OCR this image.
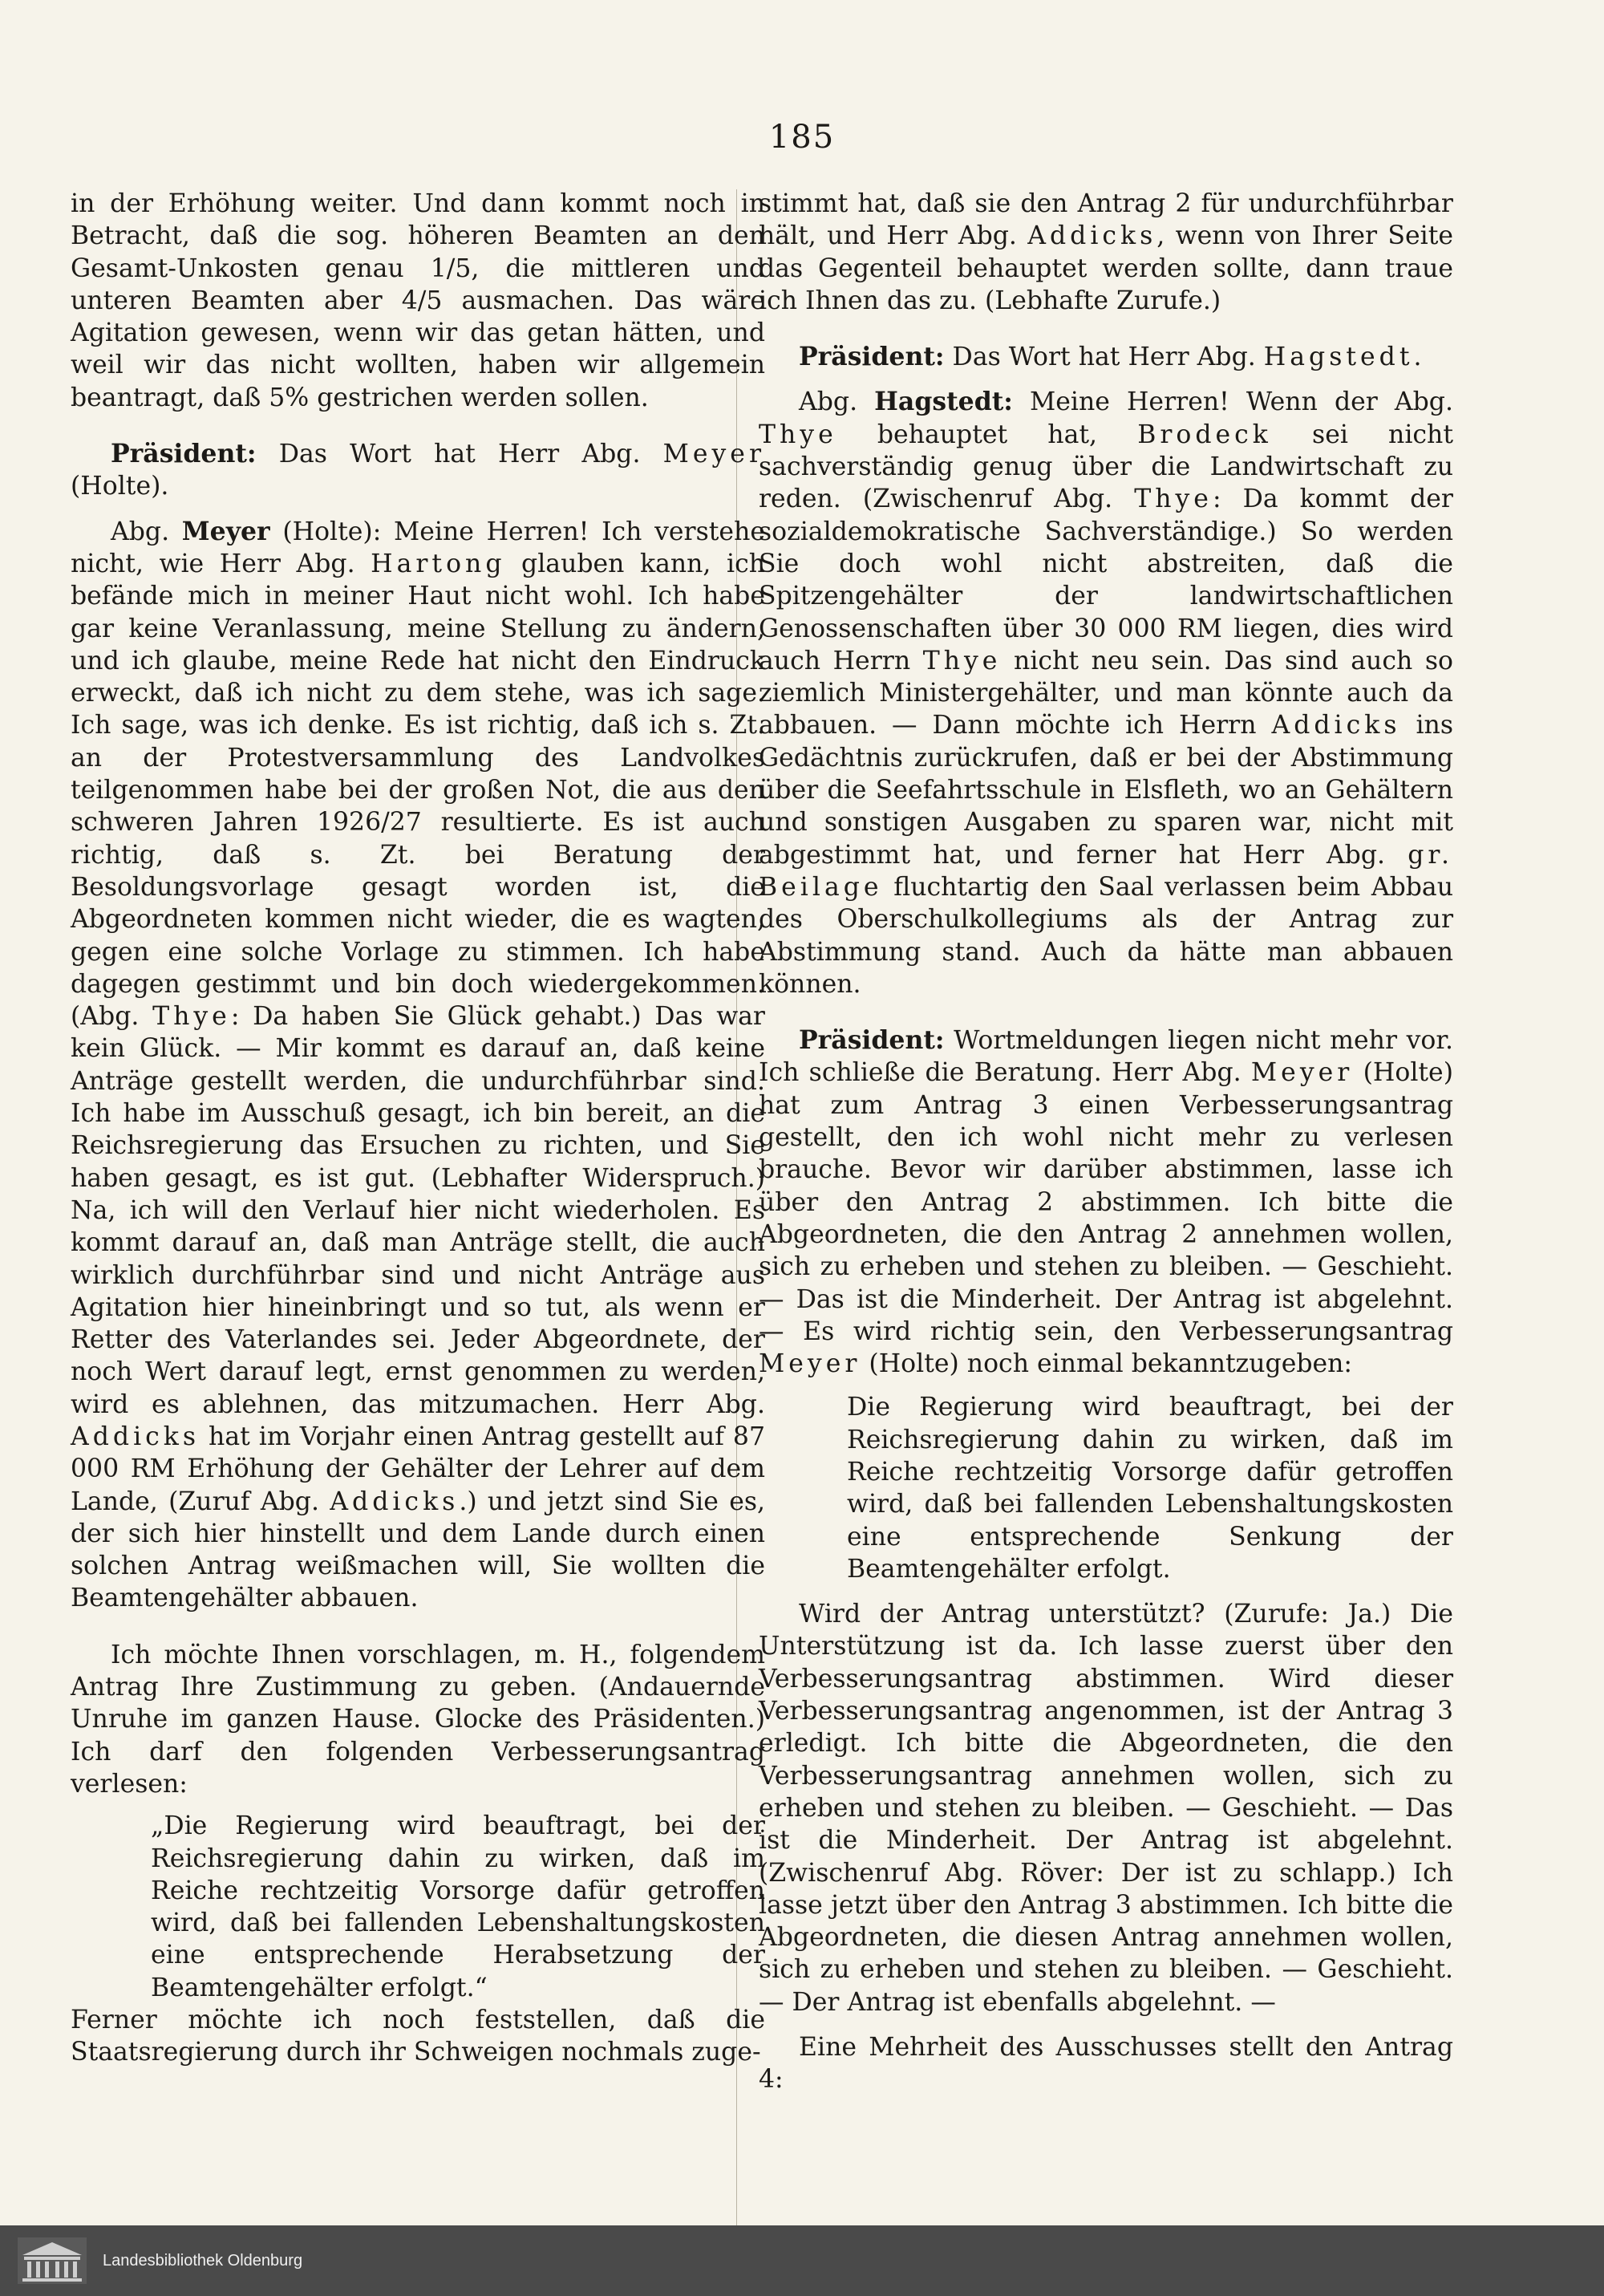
185

in der Erhöhung weiter. Und dann kommt noch in Betracht, daß die sog. höheren Beamten an den Gesamt-Unkosten genau 1/5, die mittleren und unteren Beamten aber 4/5 ausmachen. Das wäre Agitation gewesen, wenn wir das getan hätten, und weil wir das nicht wollten, haben wir allgemein beantragt, daß 5% gestrichen werden sollen.

Präsident: Das Wort hat Herr Abg. Meyer (Holte).

Abg. Meyer (Holte): Meine Herren! Ich verstehe nicht, wie Herr Abg. Hartong glauben kann, ich befände mich in meiner Haut nicht wohl. Ich habe gar keine Veranlassung, meine Stellung zu ändern, und ich glaube, meine Rede hat nicht den Eindruck erweckt, daß ich nicht zu dem stehe, was ich sage. Ich sage, was ich denke. Es ist richtig, daß ich s. Zt. an der Protestversammlung des Landvolkes teilgenommen habe bei der großen Not, die aus den schweren Jahren 1926/27 resultierte. Es ist auch richtig, daß s. Zt. bei Beratung der Besoldungsvorlage gesagt worden ist, die Abgeordneten kommen nicht wieder, die es wagten, gegen eine solche Vorlage zu stimmen. Ich habe dagegen gestimmt und bin doch wiedergekommen. (Abg. Thye: Da haben Sie Glück gehabt.) Das war kein Glück. — Mir kommt es darauf an, daß keine Anträge gestellt werden, die undurchführbar sind. Ich habe im Ausschuß gesagt, ich bin bereit, an die Reichsregierung das Ersuchen zu richten, und Sie haben gesagt, es ist gut. (Lebhafter Widerspruch.) Na, ich will den Verlauf hier nicht wiederholen. Es kommt darauf an, daß man Anträge stellt, die auch wirklich durchführbar sind und nicht Anträge aus Agitation hier hineinbringt und so tut, als wenn er Retter des Vaterlandes sei. Jeder Abgeordnete, der noch Wert darauf legt, ernst genommen zu werden, wird es ablehnen, das mitzumachen. Herr Abg. Addicks hat im Vorjahr einen Antrag gestellt auf 87 000 RM Erhöhung der Gehälter der Lehrer auf dem Lande, (Zuruf Abg. Addicks.) und jetzt sind Sie es, der sich hier hinstellt und dem Lande durch einen solchen Antrag weißmachen will, Sie wollten die Beamtengehälter abbauen.

Ich möchte Ihnen vorschlagen, m. H., folgendem Antrag Ihre Zustimmung zu geben. (Andauernde Unruhe im ganzen Hause. Glocke des Präsidenten.) Ich darf den folgenden Verbesserungsantrag verlesen:

„Die Regierung wird beauftragt, bei der Reichsregierung dahin zu wirken, daß im Reiche rechtzeitig Vorsorge dafür getroffen wird, daß bei fallenden Lebenshaltungskosten eine entsprechende Herabsetzung der Beamtengehälter erfolgt.“

Ferner möchte ich noch feststellen, daß die Staatsregierung durch ihr Schweigen nochmals zuge-

stimmt hat, daß sie den Antrag 2 für undurchführbar hält, und Herr Abg. Addicks, wenn von Ihrer Seite das Gegenteil behauptet werden sollte, dann traue ich Ihnen das zu. (Lebhafte Zurufe.)

Präsident: Das Wort hat Herr Abg. Hagstedt.

Abg. Hagstedt: Meine Herren! Wenn der Abg. Thye behauptet hat, Brodeck sei nicht sachverständig genug über die Landwirtschaft zu reden. (Zwischenruf Abg. Thye: Da kommt der sozialdemokratische Sachverständige.) So werden Sie doch wohl nicht abstreiten, daß die Spitzengehälter der landwirtschaftlichen Genossenschaften über 30 000 RM liegen, dies wird auch Herrn Thye nicht neu sein. Das sind auch so ziemlich Ministergehälter, und man könnte auch da abbauen. — Dann möchte ich Herrn Addicks ins Gedächtnis zurückrufen, daß er bei der Abstimmung über die Seefahrtsschule in Elsfleth, wo an Gehältern und sonstigen Ausgaben zu sparen war, nicht mit abgestimmt hat, und ferner hat Herr Abg. gr. Beilage fluchtartig den Saal verlassen beim Abbau des Oberschulkollegiums als der Antrag zur Abstimmung stand. Auch da hätte man abbauen können.

Präsident: Wortmeldungen liegen nicht mehr vor. Ich schließe die Beratung. Herr Abg. Meyer (Holte) hat zum Antrag 3 einen Verbesserungsantrag gestellt, den ich wohl nicht mehr zu verlesen brauche. Bevor wir darüber abstimmen, lasse ich über den Antrag 2 abstimmen. Ich bitte die Abgeordneten, die den Antrag 2 annehmen wollen, sich zu erheben und stehen zu bleiben. — Geschieht. — Das ist die Minderheit. Der Antrag ist abgelehnt. — Es wird richtig sein, den Verbesserungsantrag Meyer (Holte) noch einmal bekanntzugeben:

Die Regierung wird beauftragt, bei der Reichsregierung dahin zu wirken, daß im Reiche rechtzeitig Vorsorge dafür getroffen wird, daß bei fallenden Lebenshaltungskosten eine entsprechende Senkung der Beamtengehälter erfolgt.

Wird der Antrag unterstützt? (Zurufe: Ja.) Die Unterstützung ist da. Ich lasse zuerst über den Verbesserungsantrag abstimmen. Wird dieser Verbesserungsantrag angenommen, ist der Antrag 3 erledigt. Ich bitte die Abgeordneten, die den Verbesserungsantrag annehmen wollen, sich zu erheben und stehen zu bleiben. — Geschieht. — Das ist die Minderheit. Der Antrag ist abgelehnt. (Zwischenruf Abg. Röver: Der ist zu schlapp.) Ich lasse jetzt über den Antrag 3 abstimmen. Ich bitte die Abgeordneten, die diesen Antrag annehmen wollen, sich zu erheben und stehen zu bleiben. — Geschieht. — Der Antrag ist ebenfalls abgelehnt. —

Eine Mehrheit des Ausschusses stellt den Antrag 4:

Landesbibliothek Oldenburg
